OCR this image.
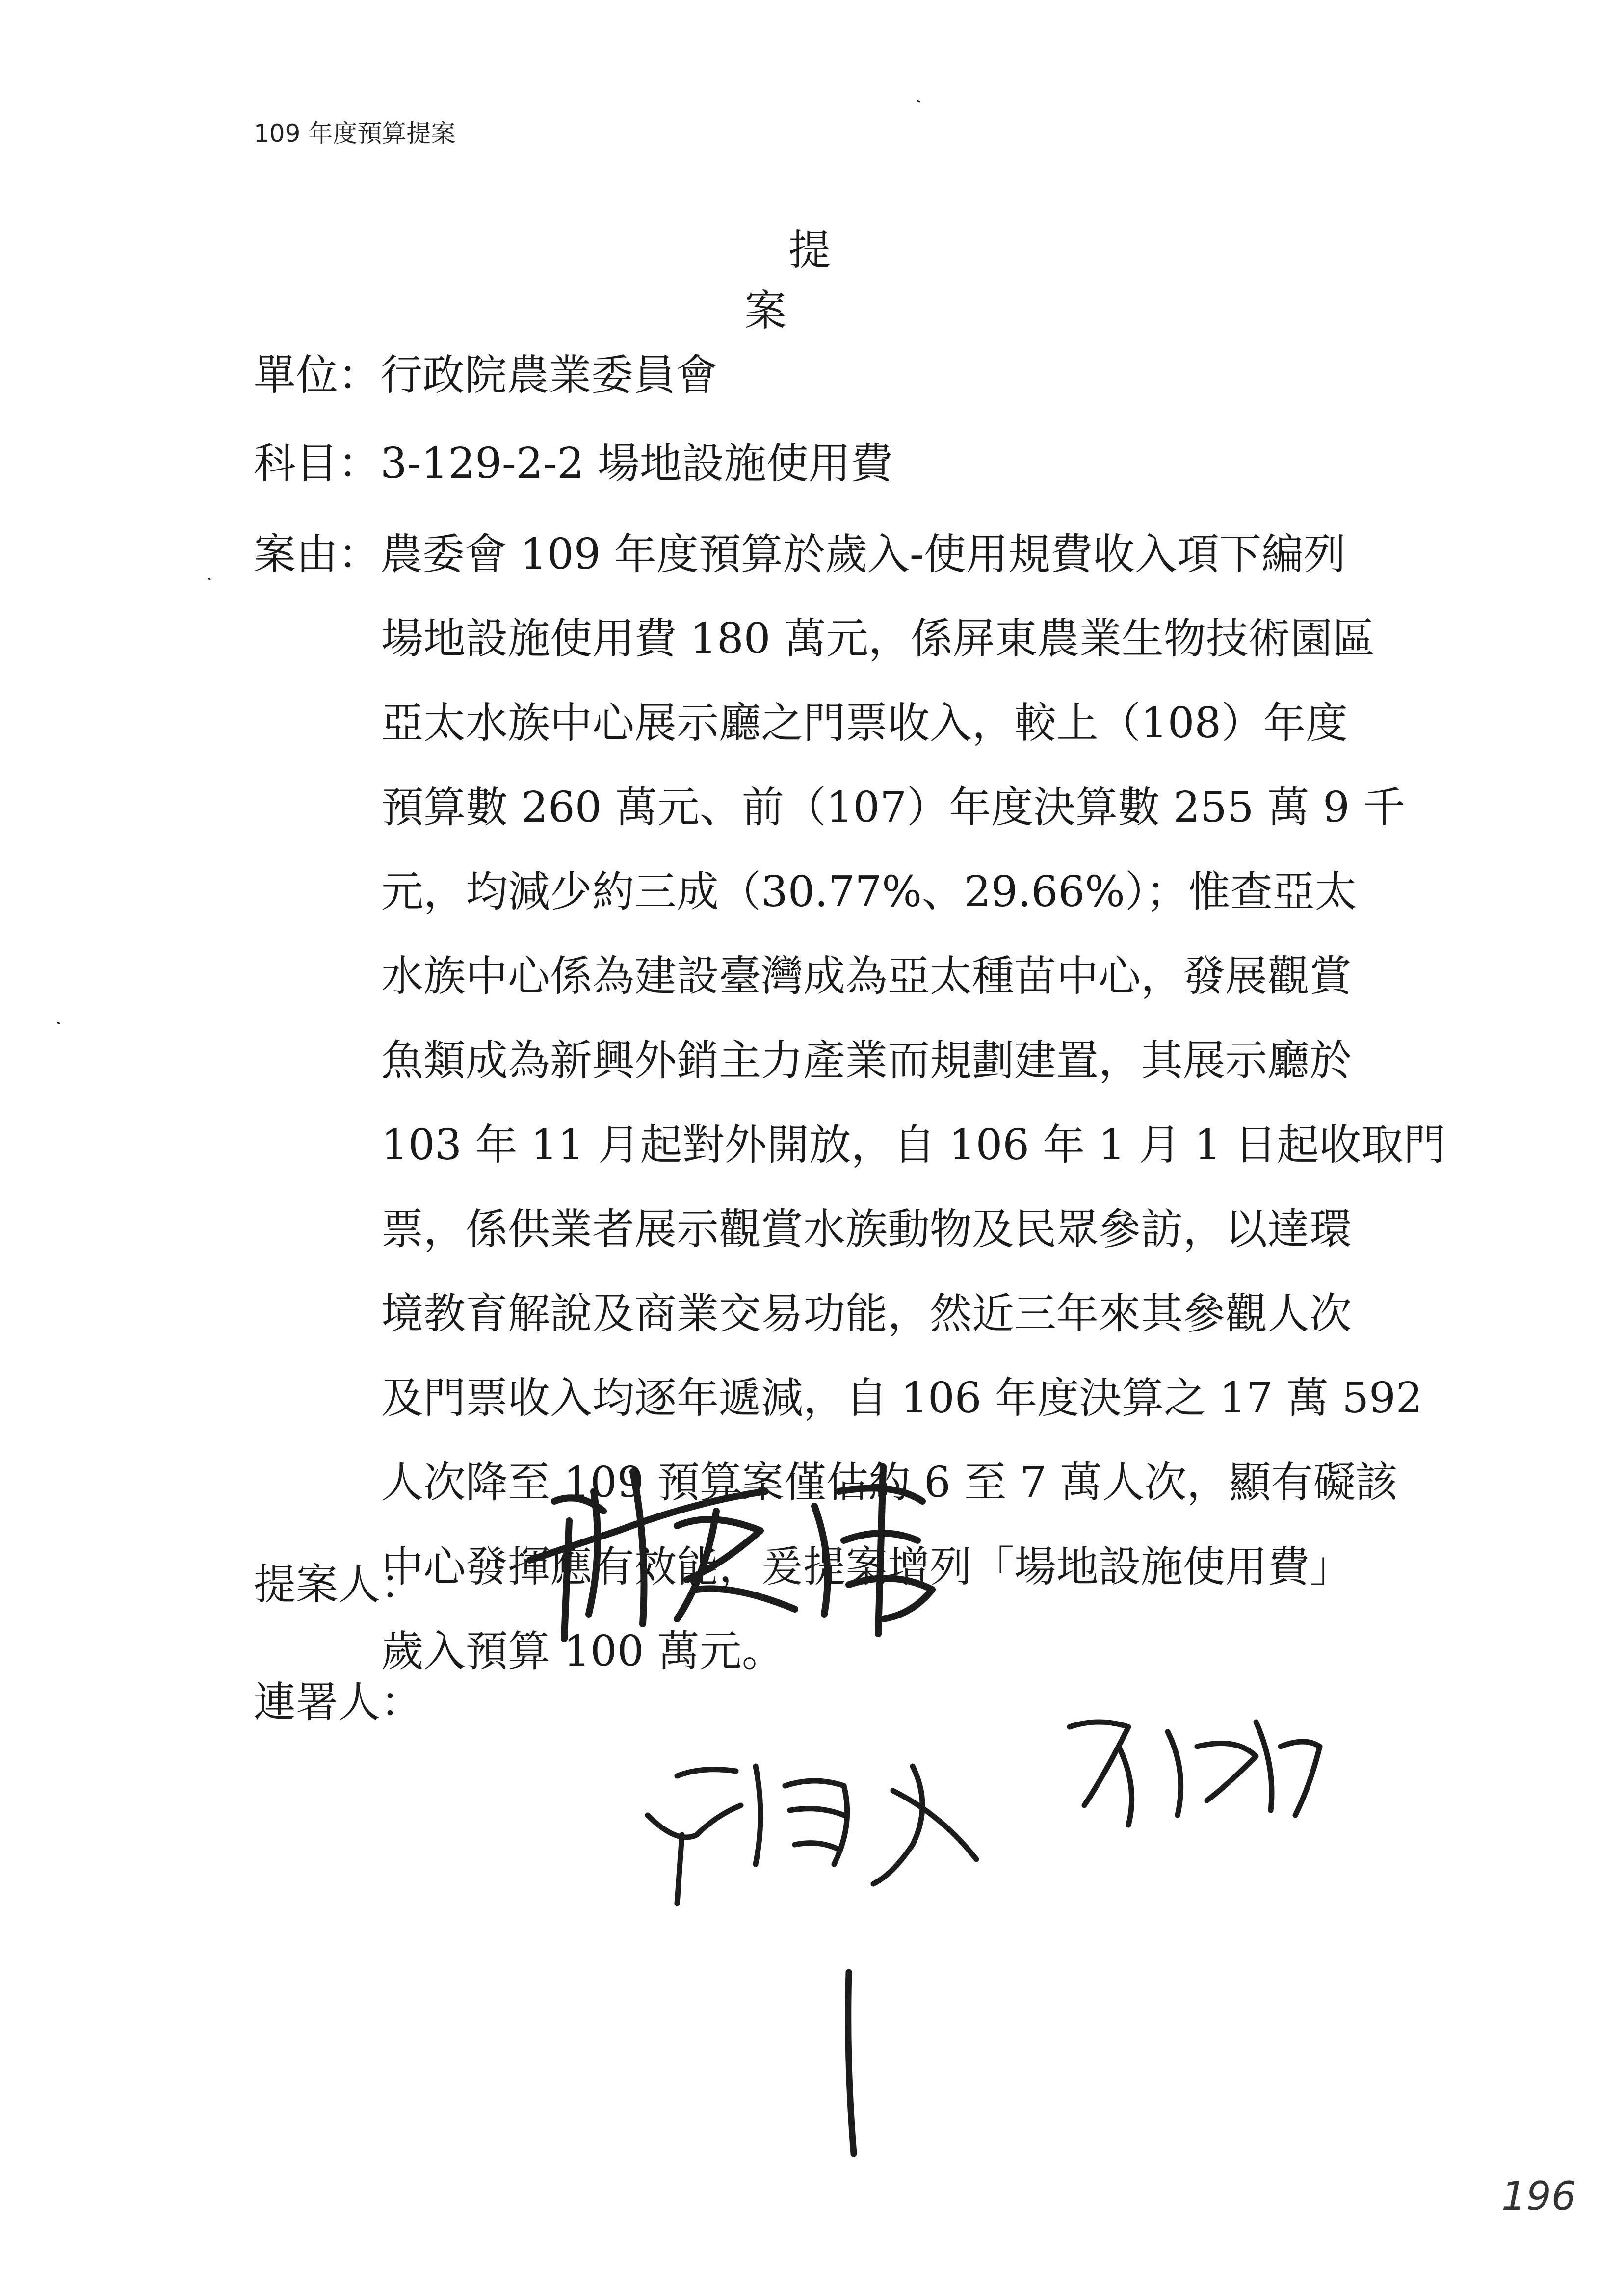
109 年度預算提案
提案
單位：行政院農業委員會
科目：3-129-2-2 場地設施使用費
案由：農委會 109 年度預算於歲入-使用規費收入項下編列
場地設施使用費 180 萬元，係屏東農業生物技術園區
亞太水族中心展示廳之門票收入，較上（108）年度
預算數 260 萬元、前（107）年度決算數 255 萬 9 千
元，均減少約三成（30.77%、29.66%）；惟查亞太
水族中心係為建設臺灣成為亞太種苗中心，發展觀賞
魚類成為新興外銷主力產業而規劃建置，其展示廳於
103 年 11 月起對外開放，自 106 年 1 月 1 日起收取門
票，係供業者展示觀賞水族動物及民眾參訪，以達環
境教育解說及商業交易功能，然近三年來其參觀人次
及門票收入均逐年遞減，自 106 年度決算之 17 萬 592
人次降至 109 預算案僅估約 6 至 7 萬人次，顯有礙該
中心發揮應有效能，爰提案增列「場地設施使用費」
歲入預算 100 萬元。
提案人：
連署人：
196
